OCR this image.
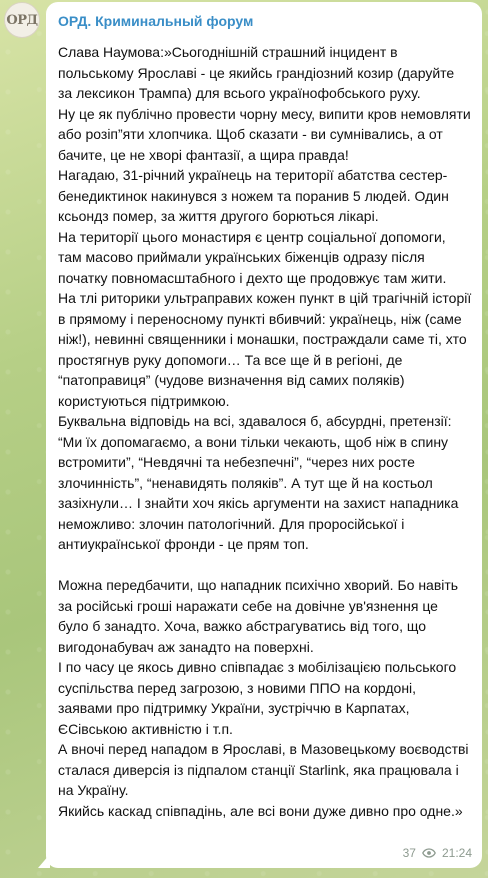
ОРД ОРД. Криминальный форум

Слава Наумова:»Сьогоднішній страшний інцидент в польському Ярославі - це якийсь грандіозний козир (даруйте за лексикон Трампа) для всього українофобського руху.

Ну це як публічно провести чорну месу, випити кров немовляти або розіп”яти хлопчика. Щоб сказати - ви сумнівались, а от бачите, це не хворі фантазії, а щира правда!

Нагадаю, 31-річний українець на території абатства сестер-бенедиктинок накинувся з ножем та поранив 5 людей. Один ксьондз помер, за життя другого борються лікарі.

На території цього монастиря є центр соціальної допомоги, там масово приймали українських біженців одразу після початку повномасштабного і дехто ще продовжує там жити.

На тлі риторики ультраправих кожен пункт в цій трагічній історії в прямому і переносному пункті вбивчий: українець, ніж (саме ніж!), невинні священники і монашки, постраждали саме ті, хто простягнув руку допомоги… Та все ще й в регіоні, де “патоправиця” (чудове визначення від самих поляків) користуються підтримкою.

Буквальна відповідь на всі, здавалося б, абсурдні, претензії: “Ми їх допомагаємо, а вони тільки чекають, щоб ніж в спину встромити”, “Невдячні та небезпечні”, “через них росте злочинність”, “ненавидять поляків”. А тут ще й на костьол зазіхнули… І знайти хоч якісь аргументи на захист нападника неможливо: злочин патологічний. Для проросійської і антиукраїнської фронди - це прям топ.

Можна передбачити, що нападник психічно хворий. Бо навіть за російські гроші наражати себе на довічне ув'язнення це було б занадто. Хоча, важко абстрагуватись від того, що вигодонабувач аж занадто на поверхні.

І по часу це якось дивно співпадає з мобілізацією польського суспільства перед загрозою, з новими ППО на кордоні, заявами про підтримку України, зустріччю в Карпатах, ЄСівською активністю і т.п.

А вночі перед нападом в Ярославі, в Мазовецькому воєводстві сталася диверсія із підпалом станції Starlink, яка працювала і на Україну.

Якийсь каскад співпадінь, але всі вони дуже дивно про одне.»

37 21:24
